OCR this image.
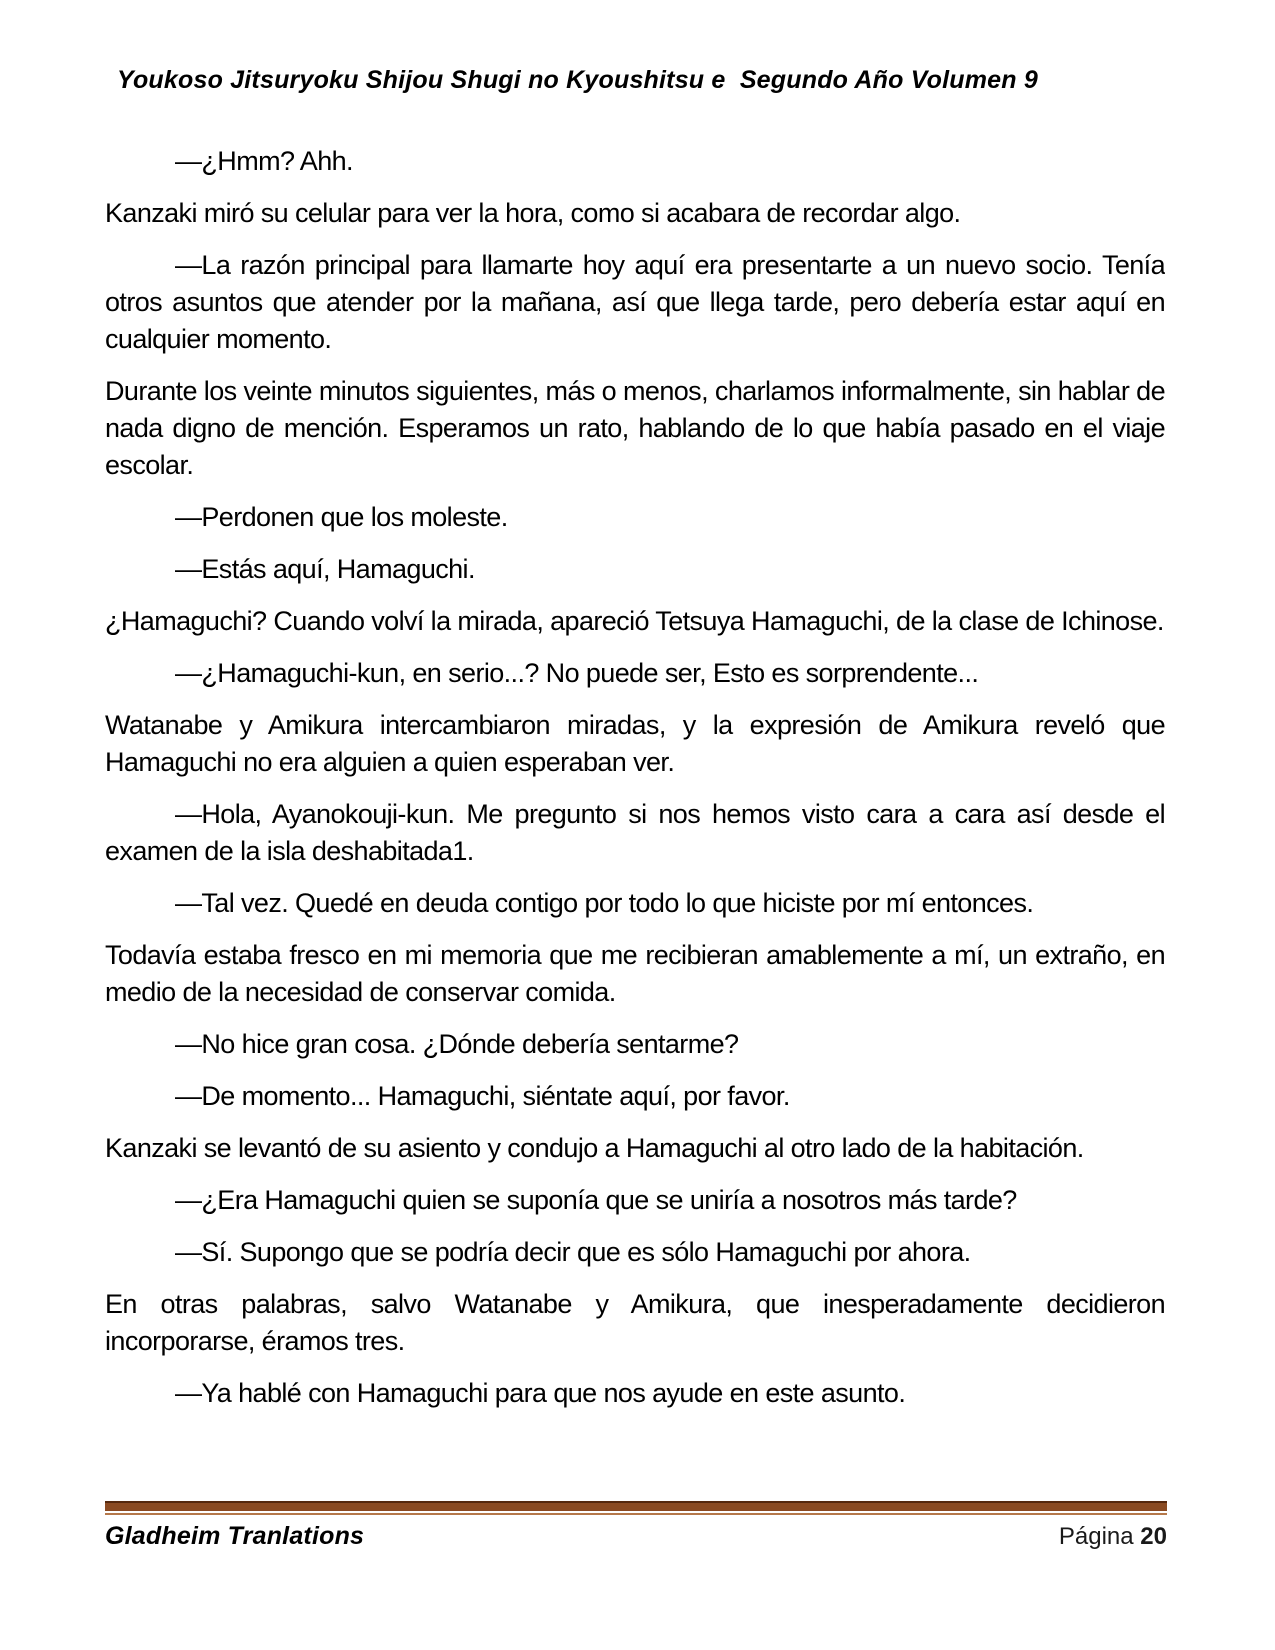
Youkoso Jitsuryoku Shijou Shugi no Kyoushitsu e  Segundo Año Volumen 9

—¿Hmm? Ahh.

Kanzaki miró su celular para ver la hora, como si acabara de recordar algo.

—La razón principal para llamarte hoy aquí era presentarte a un nuevo socio. Tenía otros asuntos que atender por la mañana, así que llega tarde, pero debería estar aquí en cualquier momento.

Durante los veinte minutos siguientes, más o menos, charlamos informalmente, sin hablar de nada digno de mención. Esperamos un rato, hablando de lo que había pasado en el viaje escolar.

—Perdonen que los moleste.

—Estás aquí, Hamaguchi.

¿Hamaguchi? Cuando volví la mirada, apareció Tetsuya Hamaguchi, de la clase de Ichinose.

—¿Hamaguchi-kun, en serio...? No puede ser, Esto es sorprendente...

Watanabe y Amikura intercambiaron miradas, y la expresión de Amikura reveló que Hamaguchi no era alguien a quien esperaban ver.

—Hola, Ayanokouji-kun. Me pregunto si nos hemos visto cara a cara así desde el examen de la isla deshabitada1.

—Tal vez. Quedé en deuda contigo por todo lo que hiciste por mí entonces.

Todavía estaba fresco en mi memoria que me recibieran amablemente a mí, un extraño, en medio de la necesidad de conservar comida.

—No hice gran cosa. ¿Dónde debería sentarme?

—De momento... Hamaguchi, siéntate aquí, por favor.

Kanzaki se levantó de su asiento y condujo a Hamaguchi al otro lado de la habitación.

—¿Era Hamaguchi quien se suponía que se uniría a nosotros más tarde?

—Sí. Supongo que se podría decir que es sólo Hamaguchi por ahora.

En otras palabras, salvo Watanabe y Amikura, que inesperadamente decidieron incorporarse, éramos tres.

—Ya hablé con Hamaguchi para que nos ayude en este asunto.

Gladheim Tranlations	Página 20
